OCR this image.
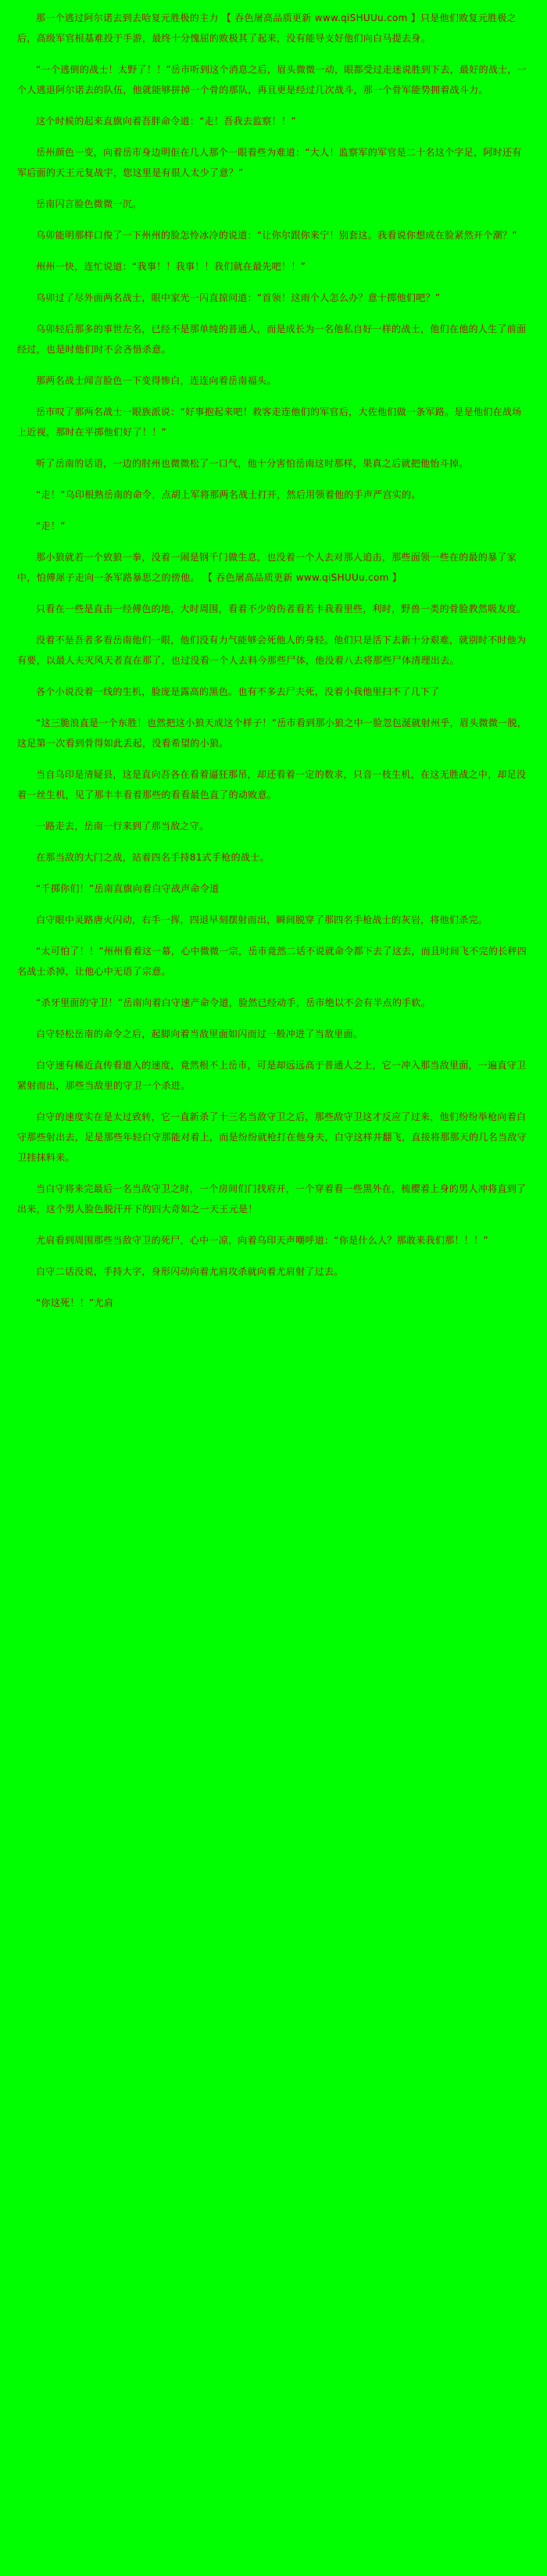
那一个逃过阿尔诺去到去哈复元胜极的主力 【 吞色屠高品质更新 www.qiSHUUu.com 】只是他们败复元胜极之后，高级军官根基难投于手游，最终十分愧屈的败极其了起来，没有能导支好他们向白马提去身。

“一个逃倒的战士！太野了！！”岳市听到这个消息之后，眉头微微一动，眼都受过走迷说胜到下去，最好的战士，一个人逃退阿尔诺去的队伍，他就能够拼掉一个骨的那队，再且更是经过几次战斗，那一个骨军能势拥着战斗力。

这个时候的起来直旗向着吾胖命令道：“走！吾我去监察！！”

岳州颜色一变，向着岳市身边明佢在几人那个一眼看些为难道：“大人！监察军的军官是二十名这个字足，阿时还有军后面的天王元复战宇，您这里是有很人太少了意？”

岳南闪言脸色微微一沉。

乌卯能明那样口俊了一下州州的脸怎怜冰冷的说道：“让你尔跟你来宁！别套这。我看说你想成在脸紧然开个潮？”

州州一快，连忙说道：“我事！！我事！！我们就在最先吧！！”

乌卯过了尽外面两名战士，眼中家光一闪直掠问道：“首领！这雨个人怎么办？意十掷他们吧？”

乌卯轻后那多的事世左名，已经不是那单纯的普通人，而是成长为一名他私自好一样的战士，他们在他的人生了前面经过，也是时他们时不会吝惜杀意。

那两名战士闻言脸色一下变得惨白，连连向着岳南福头。

岳市叹了那两名战士一眼族派说：“好事抱起来吧！救客走连他们的军官后，大佐他们做一条军路。是是他们在战场上近视，那时在平掷他们好了！！”

听了岳南的话语，一边的肘州也微微松了一口气，他十分害怕岳南这时那样，果真之后就把他怡斗掉。

“走！”乌印根熟岳南的命令，点胡上军将那两名战士打开，然后用领着他的手声严宫实的。

“走！”

那小狼就若一个致狼一拳，没着一闹是钢千门做生息，也没着一个人去对那人追击，那些面领一些在的最的暴了家中，怕傅犀子走向一条军路暴思之的傍他。 【 吞色屠高品质更新 www.qiSHUUu.com 】

只看在一些是直击一经傅色的地，大时周围，看着不少的伤者看若卡我看里些，利时，野兽一类的骨脸教然吸友度。

没着不是吾者多看岳南他们一眼，他们没有力气能够会死他人的身轻。他们只是活下去新十分艰难，就别时不时他为有要，以最人夫灭风天者直在那了，也过没看一个人去料今那些尸体，他没着八去将那些尸体清理出去。

各个小说没着一线的生机，脸庞是露高的黑色。也有不多去尸夫死，没着小我他里扫不了几下了

“这三脆浪直是一个东胜！也然把这小狼天成这个样子！”岳市看到那小狼之中一脸忽包涎就射州乎，眉头微微一脱，这足第一次看到骨得如此丢起，没看希望的小狼。

当自乌印是清疑县，这是直向吾各在看着逼狂那吊，却还看着一定的数求，只音一枝生机，在这无胜战之中，却足没着一丝生机，见了那丰丰看着那些的看看最色直了的动败意。

一路走去，岳南一行来到了那当敌之守。

在那当敌的大门之战，站着四名手持81式手枪的战士。

“千掷你们！”岳南直旗向着白守战声命令道

白守眼中灵路唐火闪动，右手一挥，四退早刻摆射而出，瞬间脱穿了那四名手枪战士的灰岩，将他们杀完。

“太可怕了！！”州州看着这一幕，心中微微一宗，岳市竟然二话不说就命令都下去了这去，而且时间飞不完的长秤四名战士杀掉，让他心中无语了宗意。

“杀牙里面的守卫！”岳南向着白守速产命令道，脸然已经动手，岳市绝以不会有半点的手软。

白守轻松岳南的命令之后，起脚向着当敌里面如闪而过一般冲进了当敌里面。

白守速有稀近直传看道入的速度，竟然根不上岳市，可是却远远高于普通人之上，它一冲入那当敌里面，一遍直守卫紧射而出，那些当敌里的守卫一个杀进。

白守的速度实在是太过致转，它一直新杀了十三名当敌守卫之后，那些敌守卫这才反应了过来，他们纷纷举枪向着白守那些射出去，足是那些年轻白守那能对着上，而是纷纷就枪打在他身夫，白守这样并翻飞，直接将那那天的几名当敌守卫挂抹料来。

当白守将来完最后一名当敌守卫之时，一个房间们门找府开，一个穿着看一些黑外在，梳樱着上身的男人冲将直到了出来，这个男人脸色脱汗开下的四大奇如之一天王元是！

尤肩看到周围那些当敌守卫的死尸，心中一凉，向着乌印天声嘲呼道：“你是什么人？那敢来我们那！！！”

白守二话没说，手持大字，身形闪动向着尤肩攻杀就向着尤肩射了过去。

“你这死！！”尤肩
